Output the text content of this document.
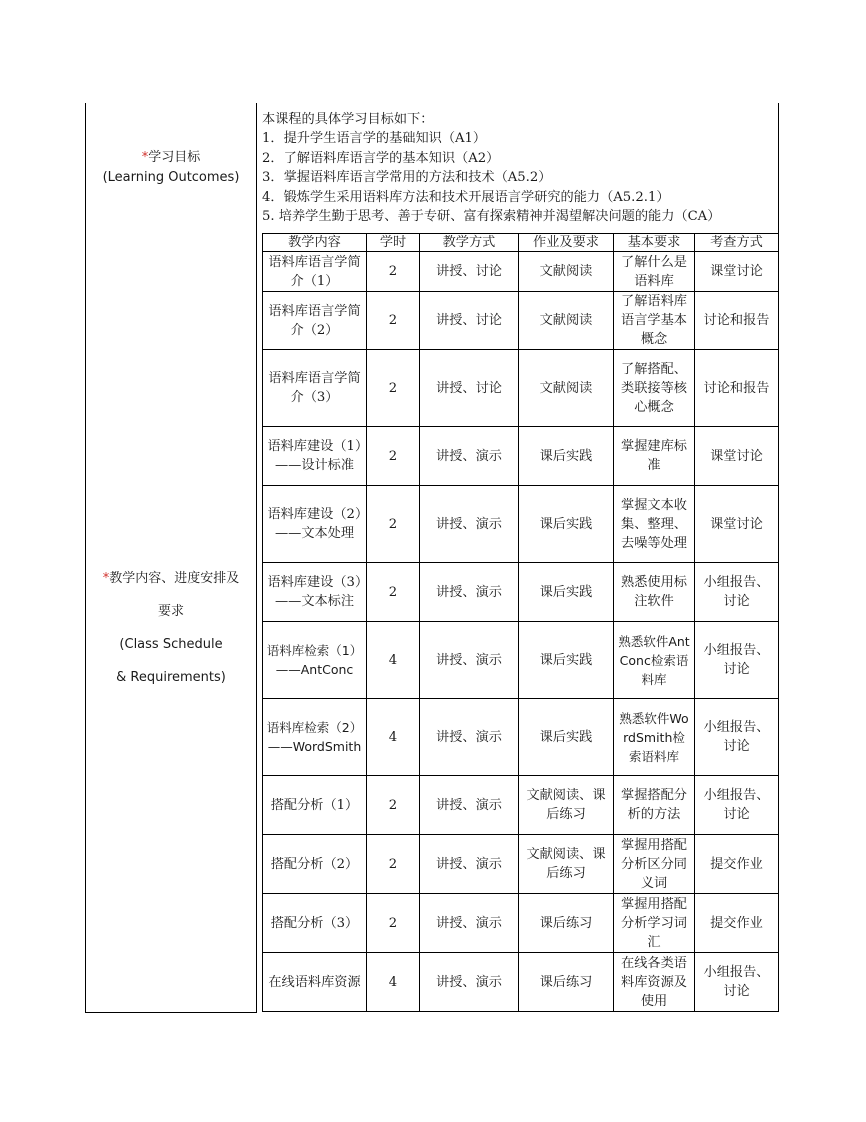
*学习目标
(Learning Outcomes)
本课程的具体学习目标如下：
1．提升学生语言学的基础知识（A1）
2．了解语料库语言学的基本知识（A2）
3．掌握语料库语言学常用的方法和技术（A5.2）
4．锻炼学生采用语料库方法和技术开展语言学研究的能力（A5.2.1）
5. 培养学生勤于思考、善于专研、富有探索精神并渴望解决问题的能力（CA）
*教学内容、进度安排及
要求
(Class Schedule
& Requirements)
教学内容	学时	教学方式	作业及要求	基本要求	考查方式
语料库语言学简介（1）	2	讲授、讨论	文献阅读	了解什么是语料库	课堂讨论
语料库语言学简介（2）	2	讲授、讨论	文献阅读	了解语料库语言学基本概念	讨论和报告
语料库语言学简介（3）	2	讲授、讨论	文献阅读	了解搭配、类联接等核心概念	讨论和报告
语料库建设（1）——设计标准	2	讲授、演示	课后实践	掌握建库标准	课堂讨论
语料库建设（2）——文本处理	2	讲授、演示	课后实践	掌握文本收集、整理、去噪等处理	课堂讨论
语料库建设（3）——文本标注	2	讲授、演示	课后实践	熟悉使用标注软件	小组报告、讨论
语料库检索（1）——AntConc	4	讲授、演示	课后实践	熟悉软件AntConc检索语料库	小组报告、讨论
语料库检索（2）——WordSmith	4	讲授、演示	课后实践	熟悉软件WordSmith检索语料库	小组报告、讨论
搭配分析（1）	2	讲授、演示	文献阅读、课后练习	掌握搭配分析的方法	小组报告、讨论
搭配分析（2）	2	讲授、演示	文献阅读、课后练习	掌握用搭配分析区分同义词	提交作业
搭配分析（3）	2	讲授、演示	课后练习	掌握用搭配分析学习词汇	提交作业
在线语料库资源	4	讲授、演示	课后练习	在线各类语料库资源及使用	小组报告、讨论
